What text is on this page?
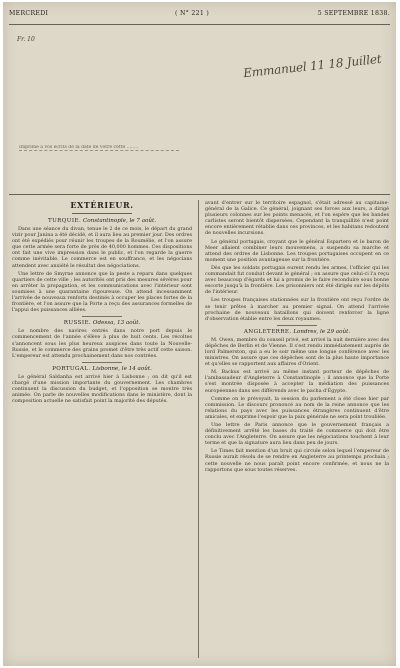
MERCREDI	( N° 221 )	5 SEPTEMBRE 1838.
Fr. 10
Emmanuel 11 18 Juillet
Imprimé à vos écrits de la date de votre cette ........
EXTÉRIEUR.
TURQUIE. Constantinople, le 7 août.

Dans une séance du divan, tenue le 2 de ce mois, le départ du grand vizir pour Janina a été décidé, et il aura lieu au premier jour. Des ordres ont été expédiés pour réunir les troupes de la Roumélie, et l'on assure que cette armée sera forte de près de 40,000 hommes. Ces dispositions ont fait une vive impression dans le public, et l'on regarde la guerre comme inévitable. Le commerce est en souffrance, et les négocians attendent avec anxiété le résultat des négociations.

Une lettre de Smyrne annonce que la peste a reparu dans quelques quartiers de cette ville ; les autorités ont pris des mesures sévères pour en arrêter la propagation, et les communications avec l'intérieur sont soumises à une quarantaine rigoureuse. On attend incessamment l'arrivée de nouveaux renforts destinés à occuper les places fortes de la frontière, et l'on assure que la Porte a reçu des assurances formelles de l'appui des puissances alliées.

RUSSIE. Odessa, 13 août.

Le nombre des navires entrés dans notre port depuis le commencement de l'année s'élève à plus de huit cents. Les récoltes s'annoncent sous les plus heureux auspices dans toute la Nouvelle-Russie, et le commerce des grains promet d'être très actif cette saison. L'empereur est attendu prochainement dans nos contrées.

PORTUGAL. Lisbonne, le 14 août.

Le général Saldanha est arrivé hier à Lisbonne ; on dit qu'il est chargé d'une mission importante du gouvernement. Les chambres continuent la discussion du budget, et l'opposition se montre très animée. On parle de nouvelles modifications dans le ministère, dont la composition actuelle ne satisfait point la majorité des députés.

avant d'entrer sur le territoire espagnol, s'était adressé au capitaine-général de la Galice. Ce général, joignant ses forces aux leurs, a dirigé plusieurs colonnes sur les points menacés, et l'on espère que les bandes carlistes seront bientôt dispersées. Cependant la tranquillité n'est point encore entièrement rétablie dans ces provinces, et les habitans redoutent de nouvelles incursions.

Le général portugais, croyant que le général Espartero et le baron de Meer allaient combiner leurs mouvemens, a suspendu sa marche et attend des ordres de Lisbonne. Les troupes portugaises occupent en ce moment une position avantageuse sur la frontière.

Dès que les soldats portugais eurent rendu les armes, l'officier qui les commandait fut conduit devant le général ; on assure que celui-ci l'a reçu avec beaucoup d'égards et lui a promis de le faire reconduire sous bonne escorte jusqu'à la frontière. Les prisonniers ont été dirigés sur les dépôts de l'intérieur.

Les troupes françaises stationnées sur la frontière ont reçu l'ordre de se tenir prêtes à marcher au premier signal. On attend l'arrivée prochaine de nouveaux bataillons qui doivent renforcer la ligne d'observation établie entre les deux royaumes.

ANGLETERRE. Londres, le 29 août.

M. Owen, membre du conseil privé, est arrivé la nuit dernière avec des dépêches de Berlin et de Vienne. Il s'est rendu immédiatement auprès de lord Palmerston, qui a eu le soir même une longue conférence avec les ministres. On assure que ces dépêches sont de la plus haute importance et qu'elles se rapportent aux affaires d'Orient.

M. Backus est arrivé au même instant porteur de dépêches de l'ambassadeur d'Angleterre à Constantinople ; il annonce que la Porte s'est montrée disposée à accepter la médiation des puissances européennes dans ses différends avec le pacha d'Égypte.

Comme on le prévoyait, la session du parlement a été close hier par commission. Le discours prononcé au nom de la reine annonce que les relations du pays avec les puissances étrangères continuent d'être amicales, et exprime l'espoir que la paix générale ne sera point troublée.

Une lettre de Paris annonce que le gouvernement français a définitivement arrêté les bases du traité de commerce qui doit être conclu avec l'Angleterre. On assure que les négociations touchent à leur terme et que la signature aura lieu dans peu de jours.

Le Times fait mention d'un bruit qui circule selon lequel l'empereur de Russie aurait résolu de se rendre en Angleterre au printemps prochain ; cette nouvelle ne nous paraît point encore confirmée, et nous ne la rapportons que sous toutes réserves.
